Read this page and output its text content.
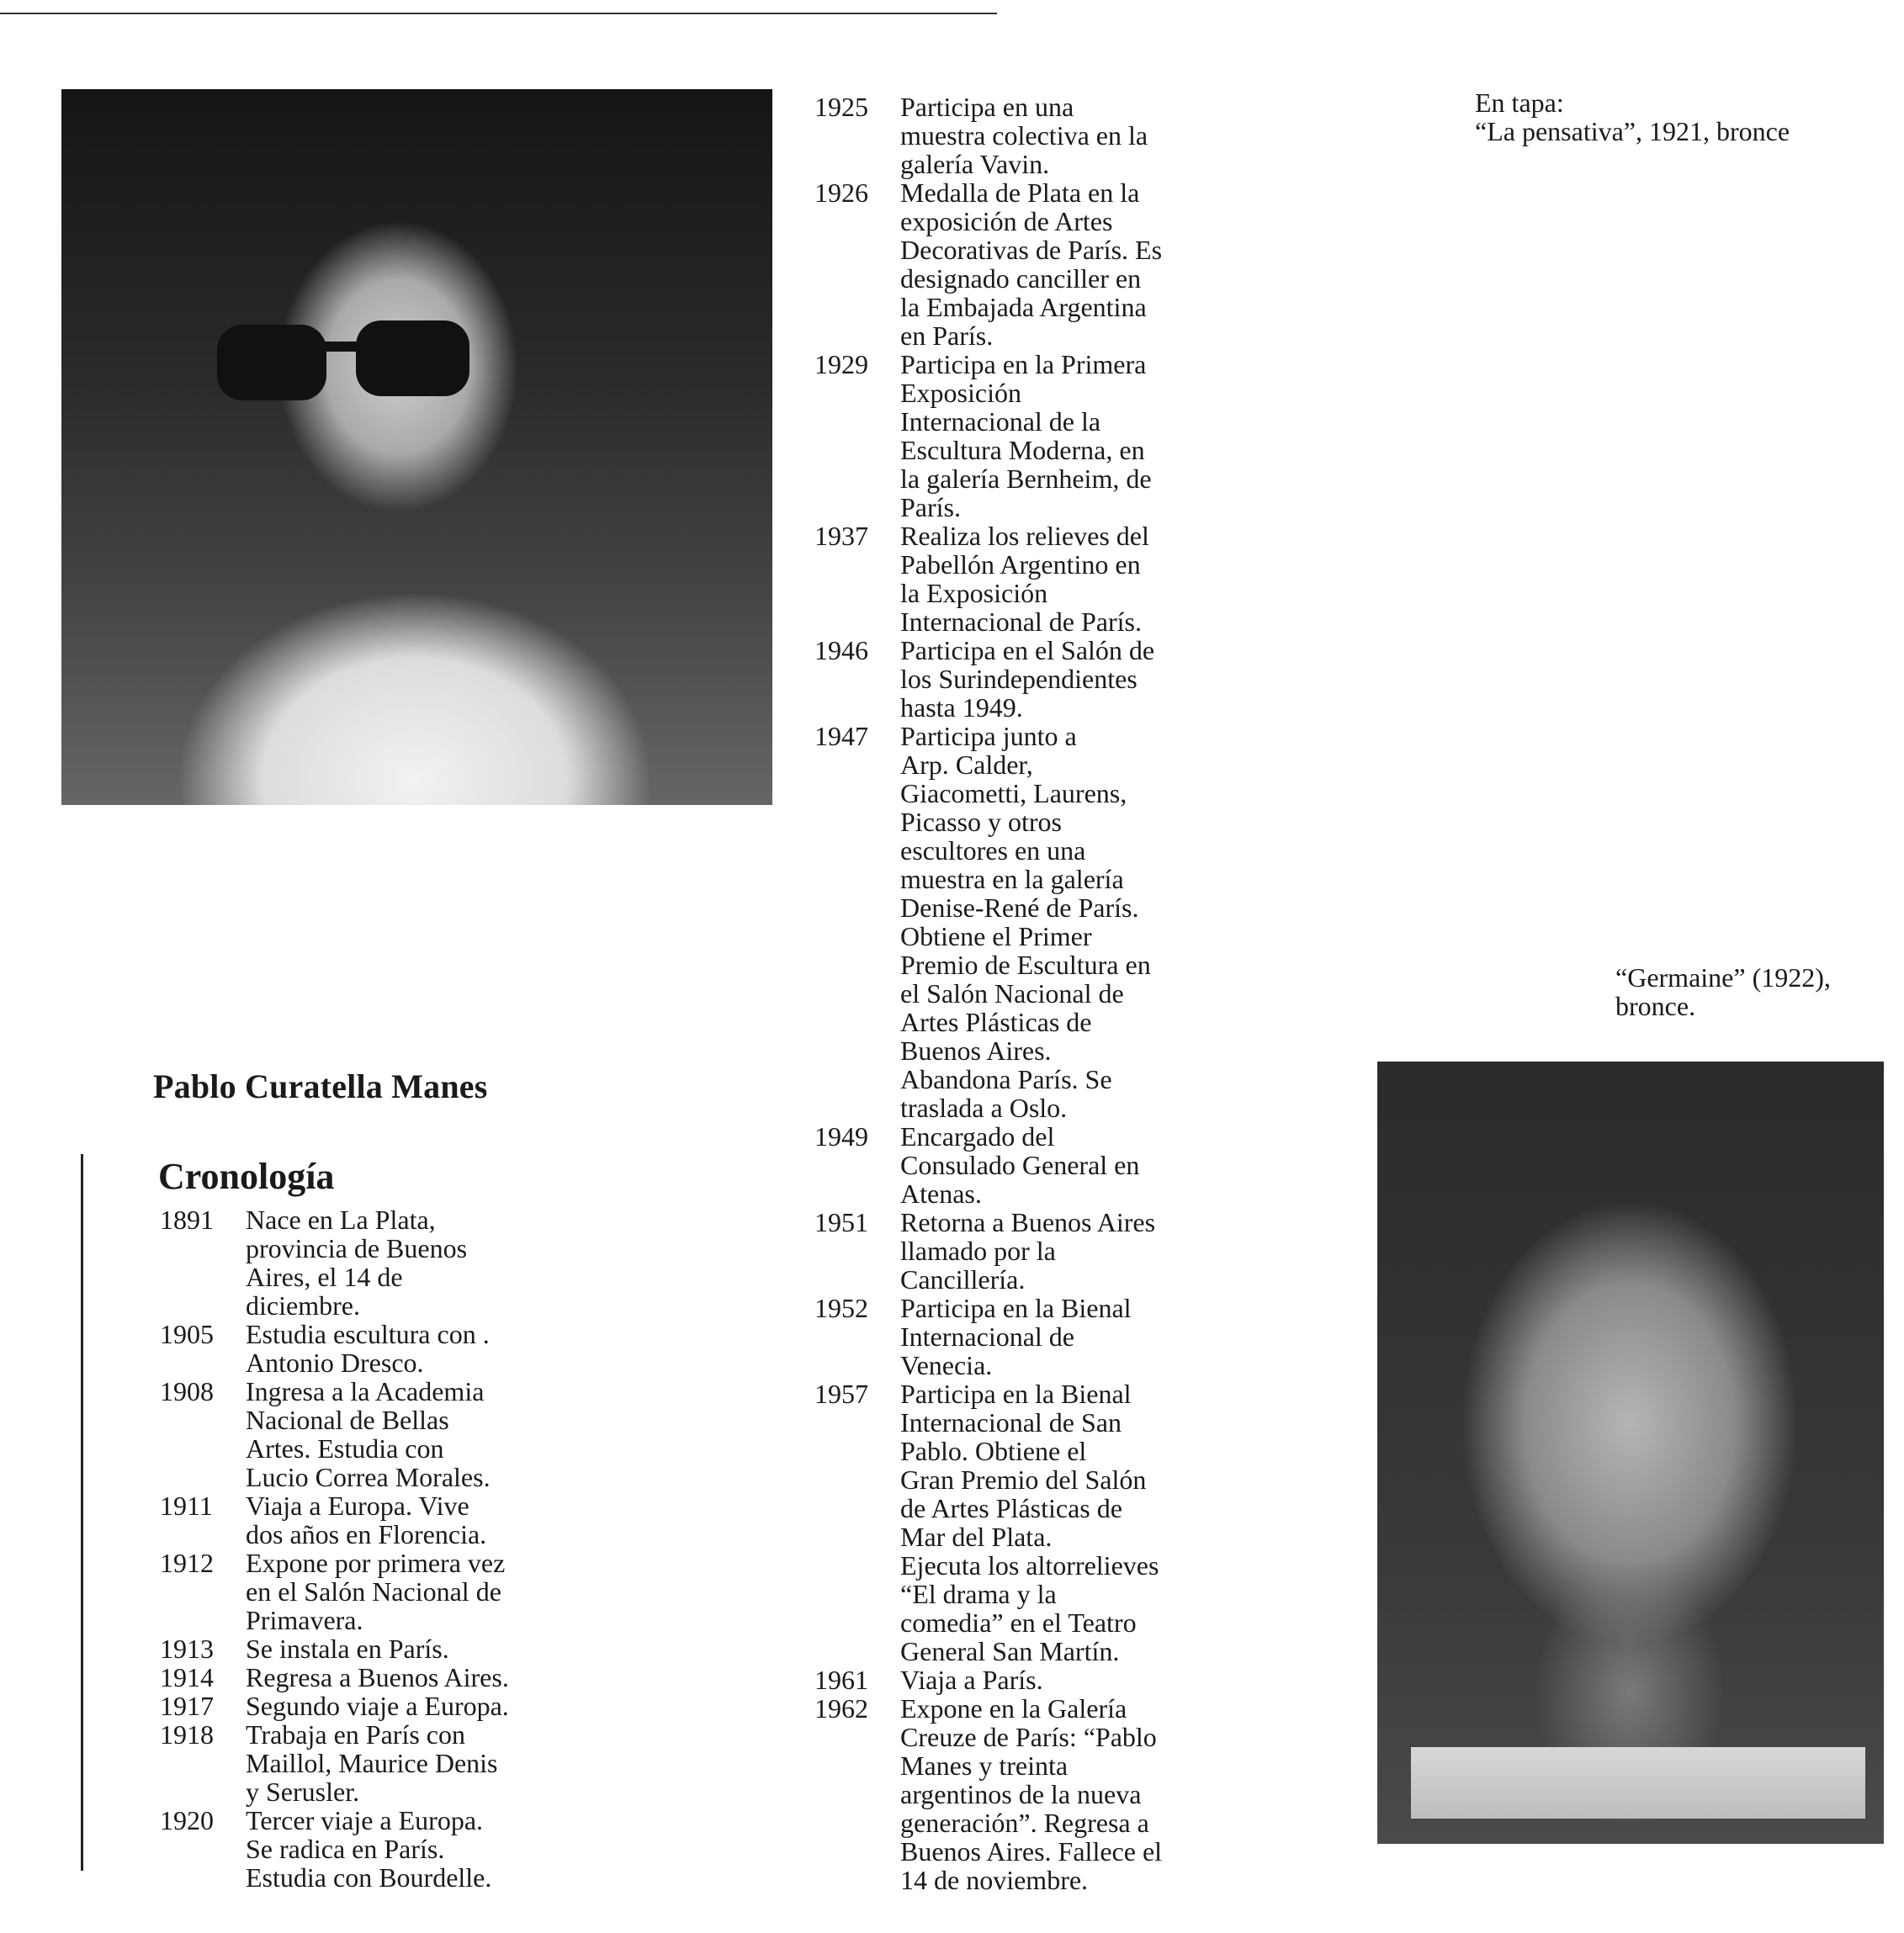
En tapa:
“La pensativa”, 1921, bronce
“Germaine” (1922),
bronce.
Pablo Curatella Manes
Cronología
1891	Nace en La Plata,
provincia de Buenos
Aires, el 14 de
diciembre.
1905	Estudia escultura con .
Antonio Dresco.
1908	Ingresa a la Academia
Nacional de Bellas
Artes. Estudia con
Lucio Correa Morales.
1911	Viaja a Europa. Vive
dos años en Florencia.
1912	Expone por primera vez
en el Salón Nacional de
Primavera.
1913	Se instala en París.
1914	Regresa a Buenos Aires.
1917	Segundo viaje a Europa.
1918	Trabaja en París con
Maillol, Maurice Denis
y Serusler.
1920	Tercer viaje a Europa.
Se radica en París.
Estudia con Bourdelle.
1925	Participa en una
muestra colectiva en la
galería Vavin.
1926	Medalla de Plata en la
exposición de Artes
Decorativas de París. Es
designado canciller en
la Embajada Argentina
en París.
1929	Participa en la Primera
Exposición
Internacional de la
Escultura Moderna, en
la galería Bernheim, de
París.
1937	Realiza los relieves del
Pabellón Argentino en
la Exposición
Internacional de París.
1946	Participa en el Salón de
los Surindependientes
hasta 1949.
1947	Participa junto a
Arp. Calder,
Giacometti, Laurens,
Picasso y otros
escultores en una
muestra en la galería
Denise-René de París.
Obtiene el Primer
Premio de Escultura en
el Salón Nacional de
Artes Plásticas de
Buenos Aires.
Abandona París. Se
traslada a Oslo.
1949	Encargado del
Consulado General en
Atenas.
1951	Retorna a Buenos Aires
llamado por la
Cancillería.
1952	Participa en la Bienal
Internacional de
Venecia.
1957	Participa en la Bienal
Internacional de San
Pablo. Obtiene el
Gran Premio del Salón
de Artes Plásticas de
Mar del Plata.
Ejecuta los altorrelieves
“El drama y la
comedia” en el Teatro
General San Martín.
1961	Viaja a París.
1962	Expone en la Galería
Creuze de París: “Pablo
Manes y treinta
argentinos de la nueva
generación”. Regresa a
Buenos Aires. Fallece el
14 de noviembre.
